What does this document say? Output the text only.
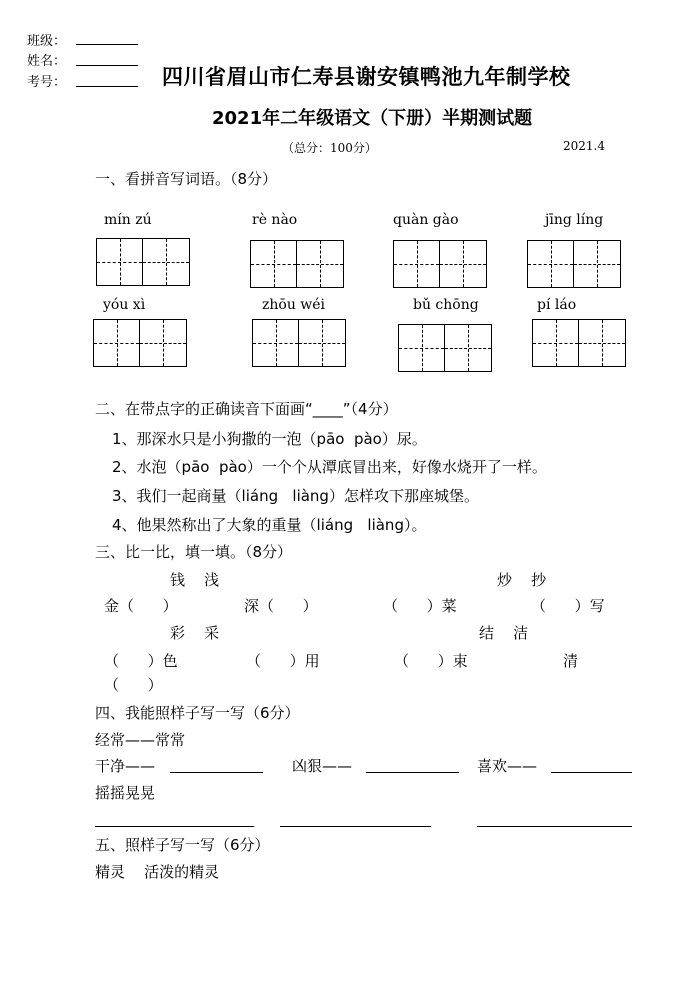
班级：
姓名：
考号：	四川省眉山市仁寿县谢安镇鸭池九年制学校
2021年二年级语文（下册）半期测试题
（总分：100分）	2021.4
一、看拼音写词语。（8分）
mín zú	rè nào	quàn gào	jīng líng
yóu xì	zhōu wéi	bǔ chōng	pí láo
二、在带点字的正确读音下面画“____”（4分）
1、那深水只是小狗撒的一泡（pāo  pào）尿。
2、水泡（pāo  pào）一个个从潭底冒出来，好像水烧开了一样。
3、我们一起商量（liáng   liàng）怎样攻下那座城堡。
4、他果然称出了大象的重量（liáng   liàng）。
三、比一比，填一填。（8分）
钱    浅	炒    抄
金（      ）	深（      ）	（      ）菜	（      ）写
彩    采	结    洁
（      ）色	（      ）用	（      ）束	清
（      ）
四、我能照样子写一写（6分）
经常——常常
干净——	凶狠——	喜欢——
摇摇晃晃
五、照样子写一写（6分）
精灵    活泼的精灵
